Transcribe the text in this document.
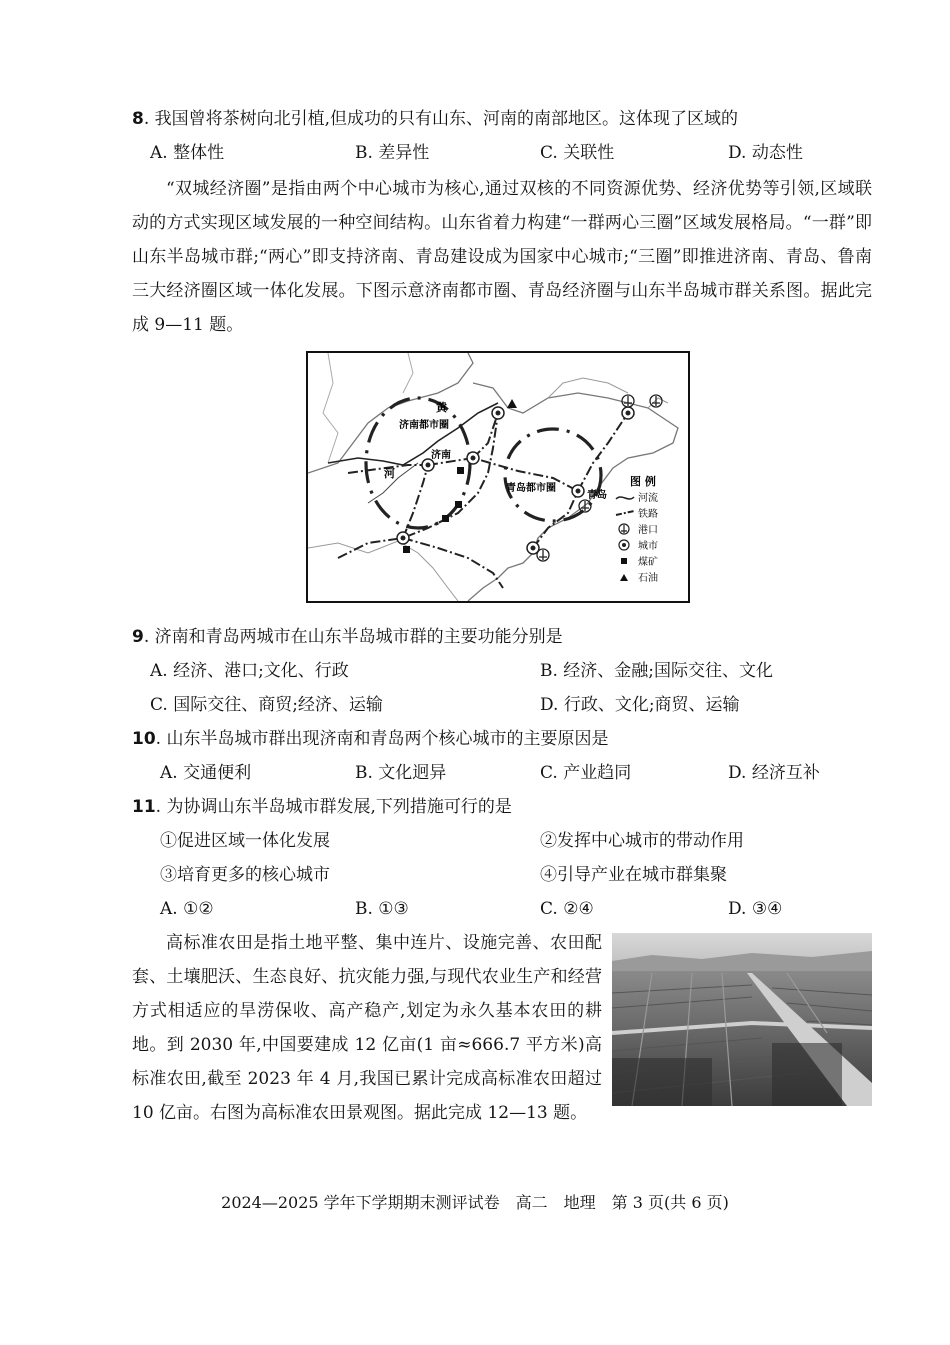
8. 我国曾将茶树向北引植,但成功的只有山东、河南的南部地区。这体现了区域的
A. 整体性	B. 差异性	C. 关联性	D. 动态性
“双城经济圈”是指由两个中心城市为核心,通过双核的不同资源优势、经济优势等引领,区域联动的方式实现区域发展的一种空间结构。山东省着力构建“一群两心三圈”区域发展格局。“一群”即山东半岛城市群;“两心”即支持济南、青岛建设成为国家中心城市;“三圈”即推进济南、青岛、鲁南三大经济圈区域一体化发展。下图示意济南都市圈、青岛经济圈与山东半岛城市群关系图。据此完成 9—11 题。
济南都市圈
济南
青岛都市圈
青岛
黄
河
图 例
河流
铁路
港口
城市
煤矿
石油
9. 济南和青岛两城市在山东半岛城市群的主要功能分别是
A. 经济、港口;文化、行政	B. 经济、金融;国际交往、文化
C. 国际交往、商贸;经济、运输	D. 行政、文化;商贸、运输
10. 山东半岛城市群出现济南和青岛两个核心城市的主要原因是
A. 交通便利	B. 文化迥异	C. 产业趋同	D. 经济互补
11. 为协调山东半岛城市群发展,下列措施可行的是
①促进区域一体化发展	②发挥中心城市的带动作用
③培育更多的核心城市	④引导产业在城市群集聚
A. ①②	B. ①③	C. ②④	D. ③④
高标准农田是指土地平整、集中连片、设施完善、农田配套、土壤肥沃、生态良好、抗灾能力强,与现代农业生产和经营方式相适应的旱涝保收、高产稳产,划定为永久基本农田的耕地。到 2030 年,中国要建成 12 亿亩(1 亩≈666.7 平方米)高标准农田,截至 2023 年 4 月,我国已累计完成高标准农田超过 10 亿亩。右图为高标准农田景观图。据此完成 12—13 题。
2024—2025 学年下学期期末测评试卷　高二　地理　第 3 页(共 6 页)
